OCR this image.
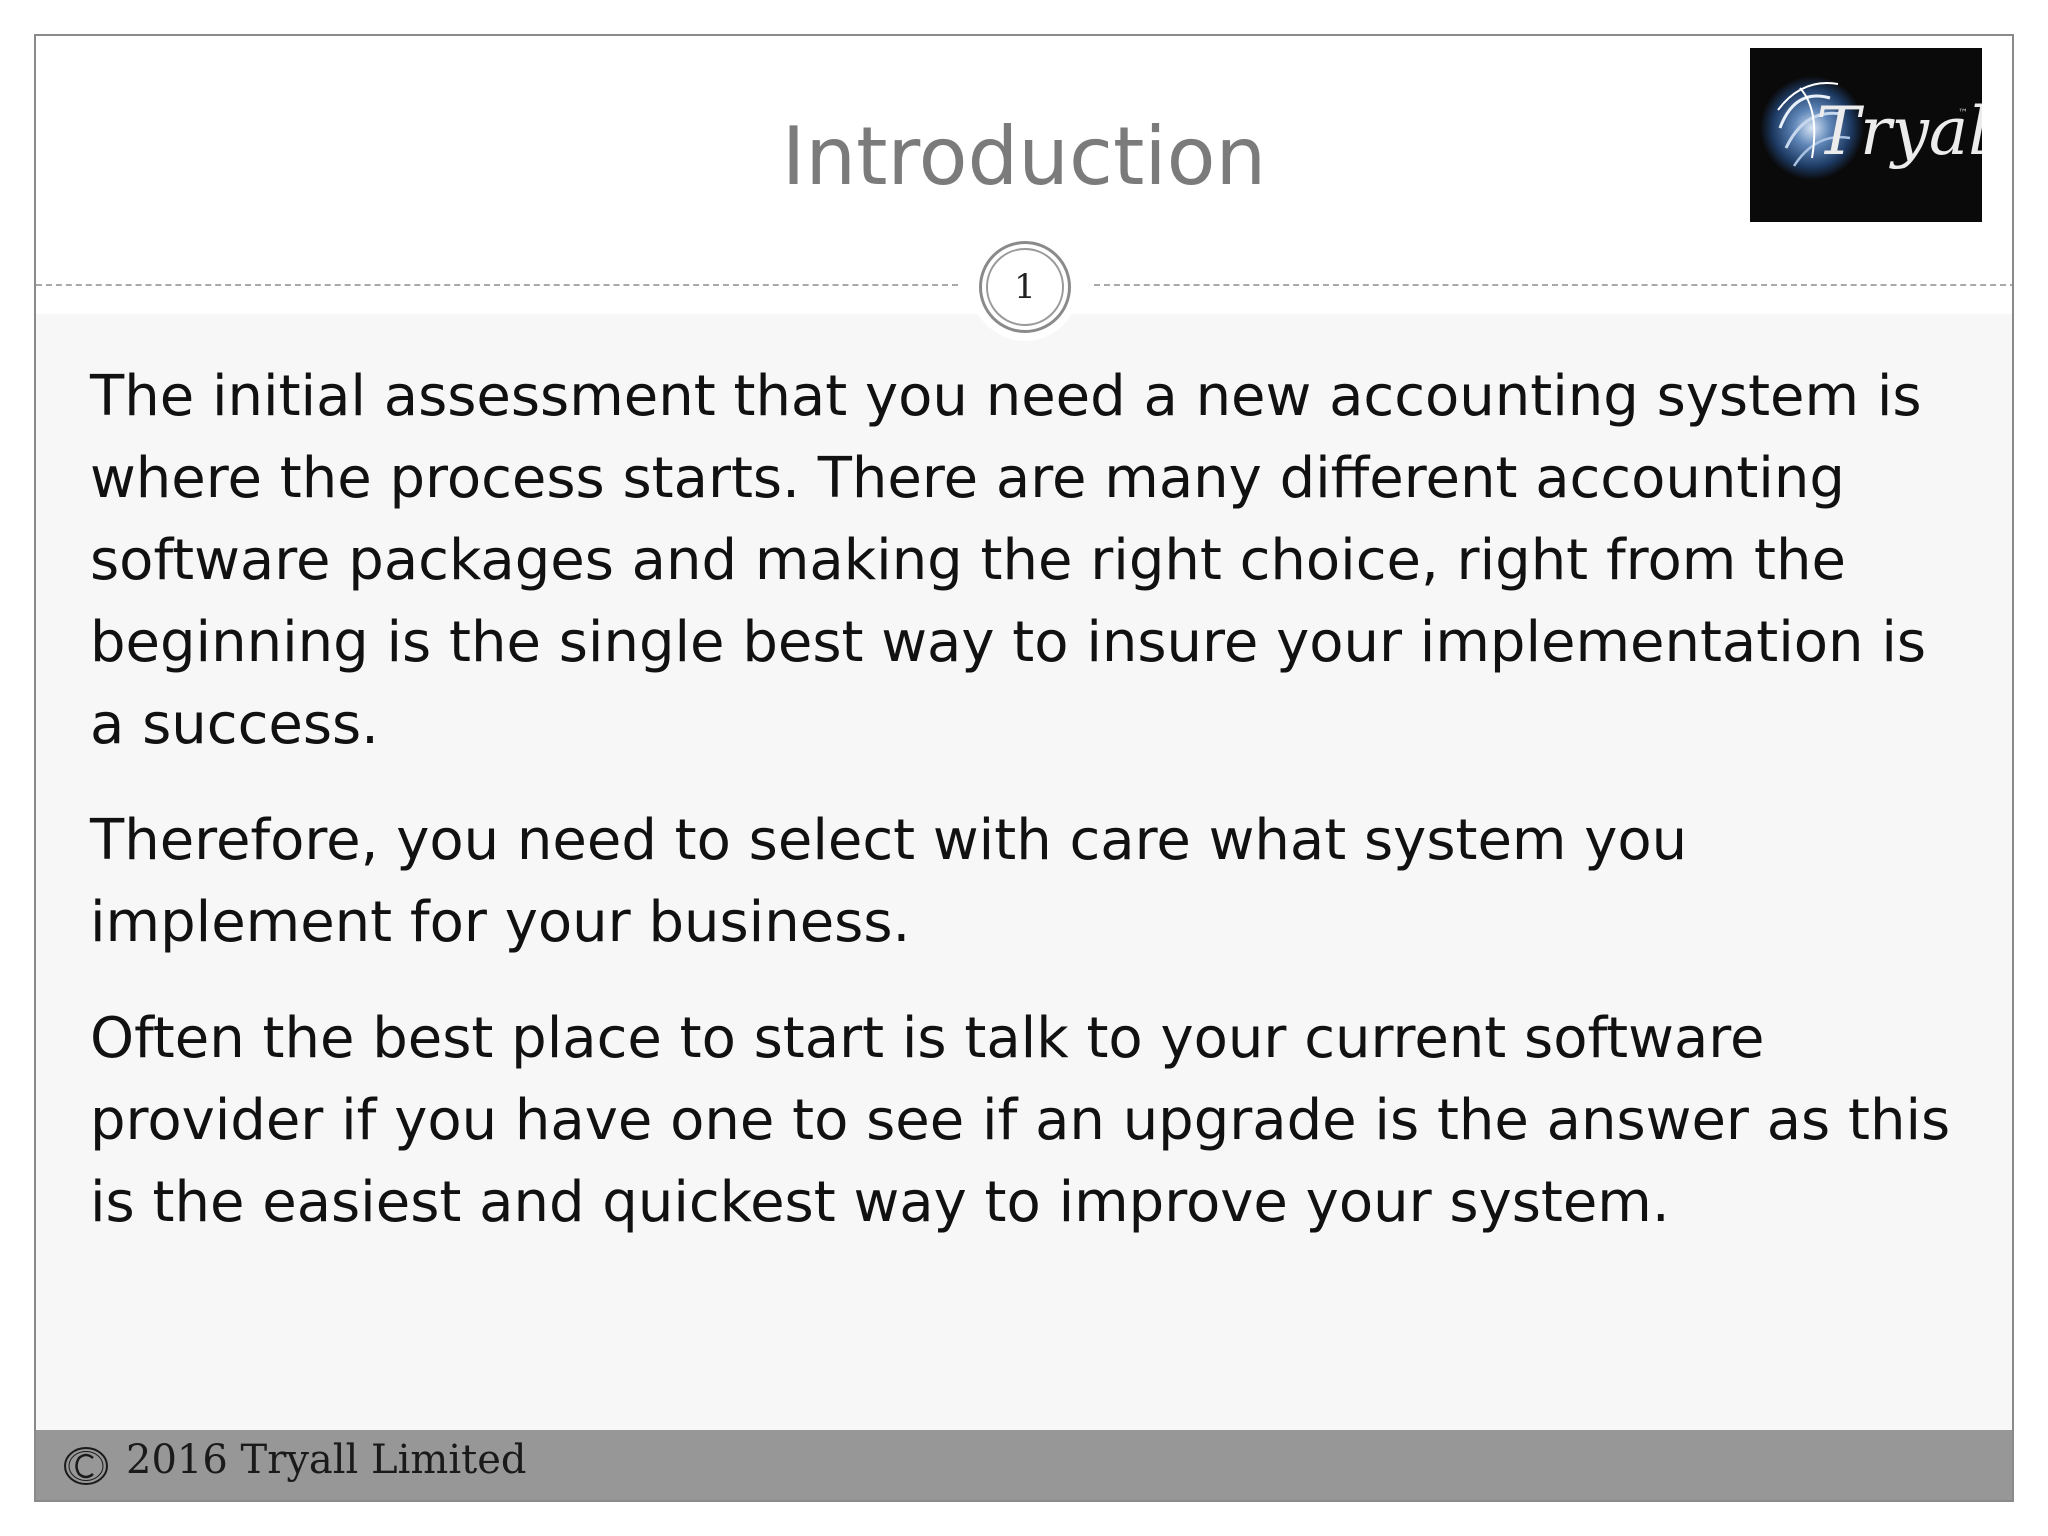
Introduction	Trya
™
1

The initial assessment that you need a new accounting system is where the process starts. There are many different accounting software packages and making the right choice, right from the beginning is the single best way to insure your implementation is a success.

Therefore, you need to select with care what system you implement for your business.

Often the best place to start is talk to your current software provider if you have one to see if an upgrade is the answer as this is the easiest and quickest way to improve your system.

2016 Tryall Limited
